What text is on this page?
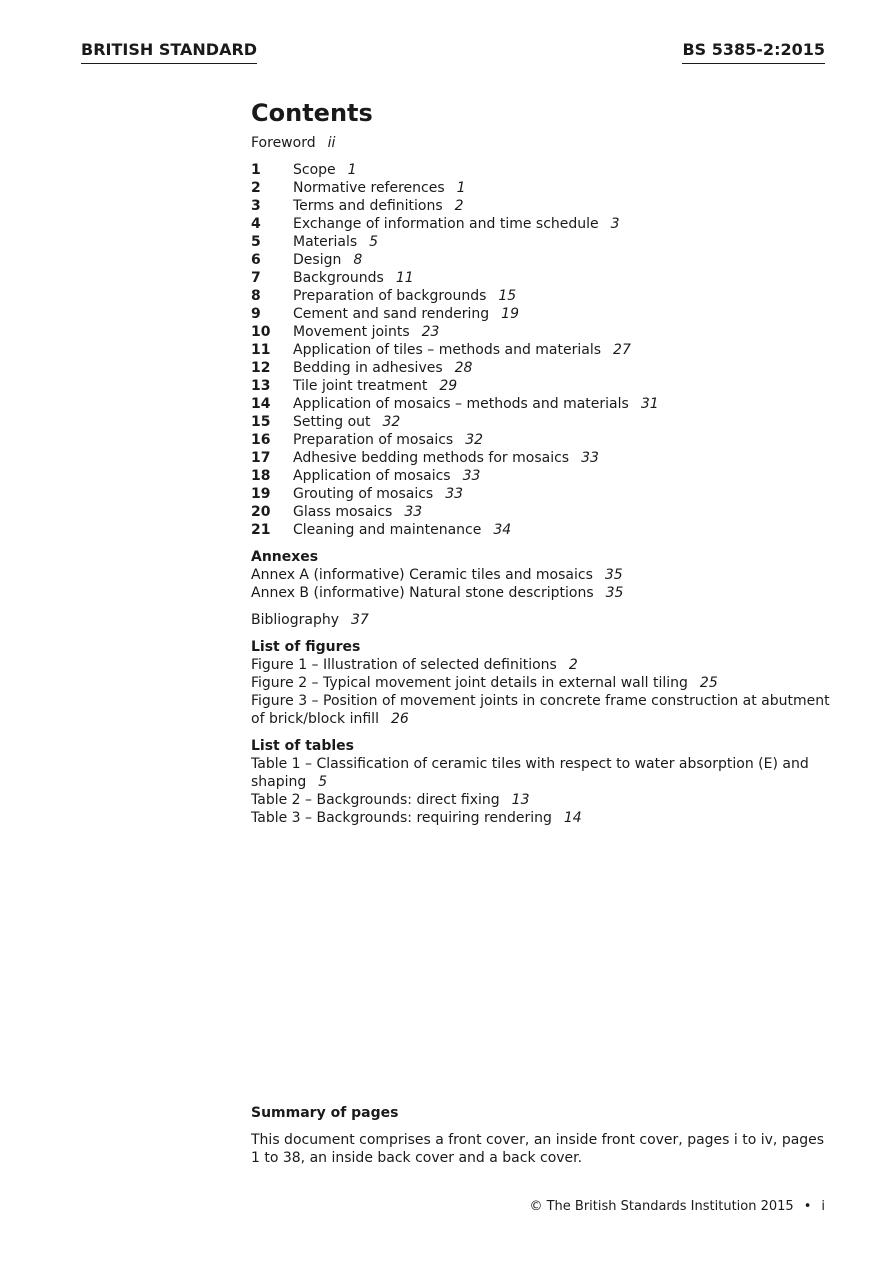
BRITISH STANDARD	BS 5385-2:2015
Contents
Foreword ii
1	Scope 1
2	Normative references 1
3	Terms and definitions 2
4	Exchange of information and time schedule 3
5	Materials 5
6	Design 8
7	Backgrounds 11
8	Preparation of backgrounds 15
9	Cement and sand rendering 19
10	Movement joints 23
11	Application of tiles – methods and materials 27
12	Bedding in adhesives 28
13	Tile joint treatment 29
14	Application of mosaics – methods and materials 31
15	Setting out 32
16	Preparation of mosaics 32
17	Adhesive bedding methods for mosaics 33
18	Application of mosaics 33
19	Grouting of mosaics 33
20	Glass mosaics 33
21	Cleaning and maintenance 34
Annexes
Annex A (informative) Ceramic tiles and mosaics 35
Annex B (informative) Natural stone descriptions 35
Bibliography 37
List of figures
Figure 1 – Illustration of selected definitions 2
Figure 2 – Typical movement joint details in external wall tiling 25
Figure 3 – Position of movement joints in concrete frame construction at abutment of brick/block infill 26
List of tables
Table 1 – Classification of ceramic tiles with respect to water absorption (E) and shaping 5
Table 2 – Backgrounds: direct fixing 13
Table 3 – Backgrounds: requiring rendering 14
Summary of pages
This document comprises a front cover, an inside front cover, pages i to iv, pages 1 to 38, an inside back cover and a back cover.
© The British Standards Institution 2015 • i
